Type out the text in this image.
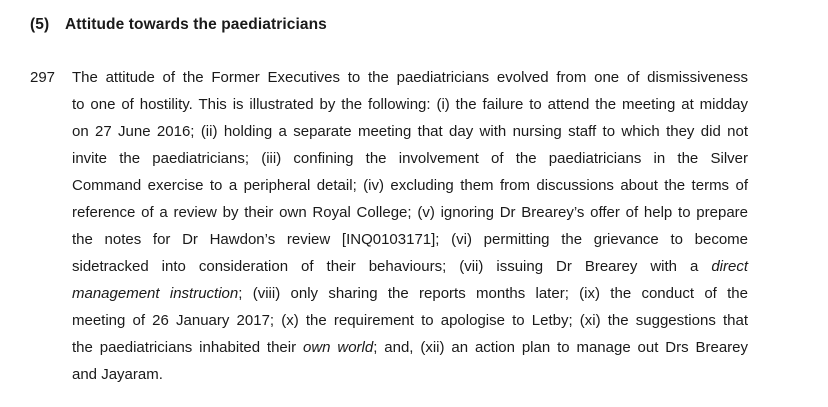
(5) Attitude towards the paediatricians
297 The attitude of the Former Executives to the paediatricians evolved from one of dismissiveness
to one of hostility. This is illustrated by the following: (i) the failure to attend the meeting at midday
on 27 June 2016; (ii) holding a separate meeting that day with nursing staff to which they did not
invite the paediatricians; (iii) confining the involvement of the paediatricians in the Silver
Command exercise to a peripheral detail; (iv) excluding them from discussions about the terms of
reference of a review by their own Royal College; (v) ignoring Dr Brearey’s offer of help to prepare
the notes for Dr Hawdon’s review [INQ0103171]; (vi) permitting the grievance to become
sidetracked into consideration of their behaviours; (vii) issuing Dr Brearey with a direct
management instruction; (viii) only sharing the reports months later; (ix) the conduct of the
meeting of 26 January 2017; (x) the requirement to apologise to Letby; (xi) the suggestions that
the paediatricians inhabited their own world; and, (xii) an action plan to manage out Drs Brearey
and Jayaram.
